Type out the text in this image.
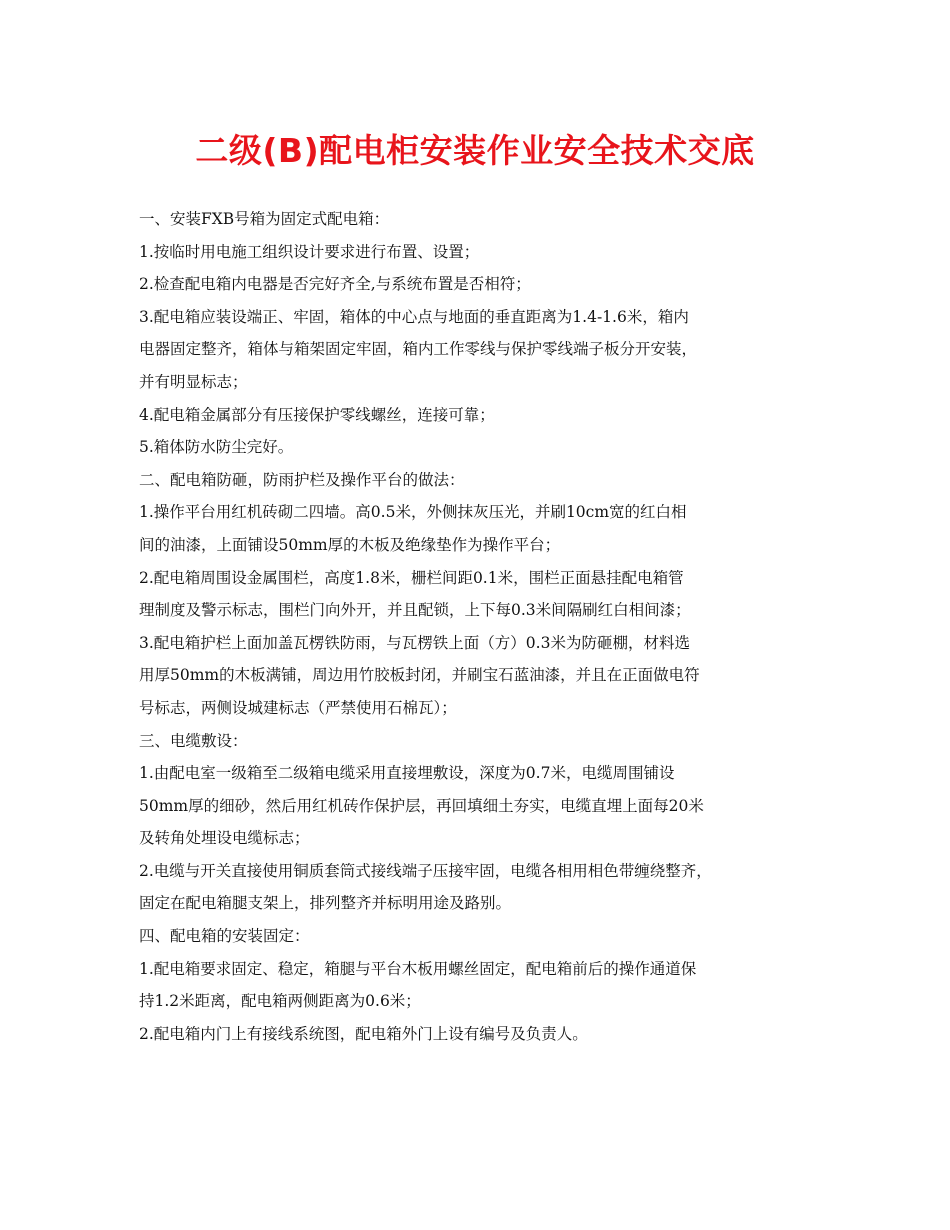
二级(B)配电柜安装作业安全技术交底

一、安装FXB号箱为固定式配电箱：

1.按临时用电施工组织设计要求进行布置、设置；

2.检查配电箱内电器是否完好齐全,与系统布置是否相符；

3.配电箱应装设端正、牢固，箱体的中心点与地面的垂直距离为1.4-1.6米，箱内

电器固定整齐，箱体与箱架固定牢固，箱内工作零线与保护零线端子板分开安装，

并有明显标志；

4.配电箱金属部分有压接保护零线螺丝，连接可靠；

5.箱体防水防尘完好。

二、配电箱防砸，防雨护栏及操作平台的做法：

1.操作平台用红机砖砌二四墙。高0.5米，外侧抹灰压光，并刷10cm宽的红白相

间的油漆，上面铺设50mm厚的木板及绝缘垫作为操作平台；

2.配电箱周围设金属围栏，高度1.8米，栅栏间距0.1米，围栏正面悬挂配电箱管

理制度及警示标志，围栏门向外开，并且配锁，上下每0.3米间隔刷红白相间漆；

3.配电箱护栏上面加盖瓦楞铁防雨，与瓦楞铁上面（方）0.3米为防砸棚，材料选

用厚50mm的木板满铺，周边用竹胶板封闭，并刷宝石蓝油漆，并且在正面做电符

号标志，两侧设城建标志（严禁使用石棉瓦）；

三、电缆敷设：

1.由配电室一级箱至二级箱电缆采用直接埋敷设，深度为0.7米，电缆周围铺设

50mm厚的细砂，然后用红机砖作保护层，再回填细土夯实，电缆直埋上面每20米

及转角处埋设电缆标志；

2.电缆与开关直接使用铜质套筒式接线端子压接牢固，电缆各相用相色带缠绕整齐，

固定在配电箱腿支架上，排列整齐并标明用途及路别。

四、配电箱的安装固定：

1.配电箱要求固定、稳定，箱腿与平台木板用螺丝固定，配电箱前后的操作通道保

持1.2米距离，配电箱两侧距离为0.6米；

2.配电箱内门上有接线系统图，配电箱外门上设有编号及负责人。
